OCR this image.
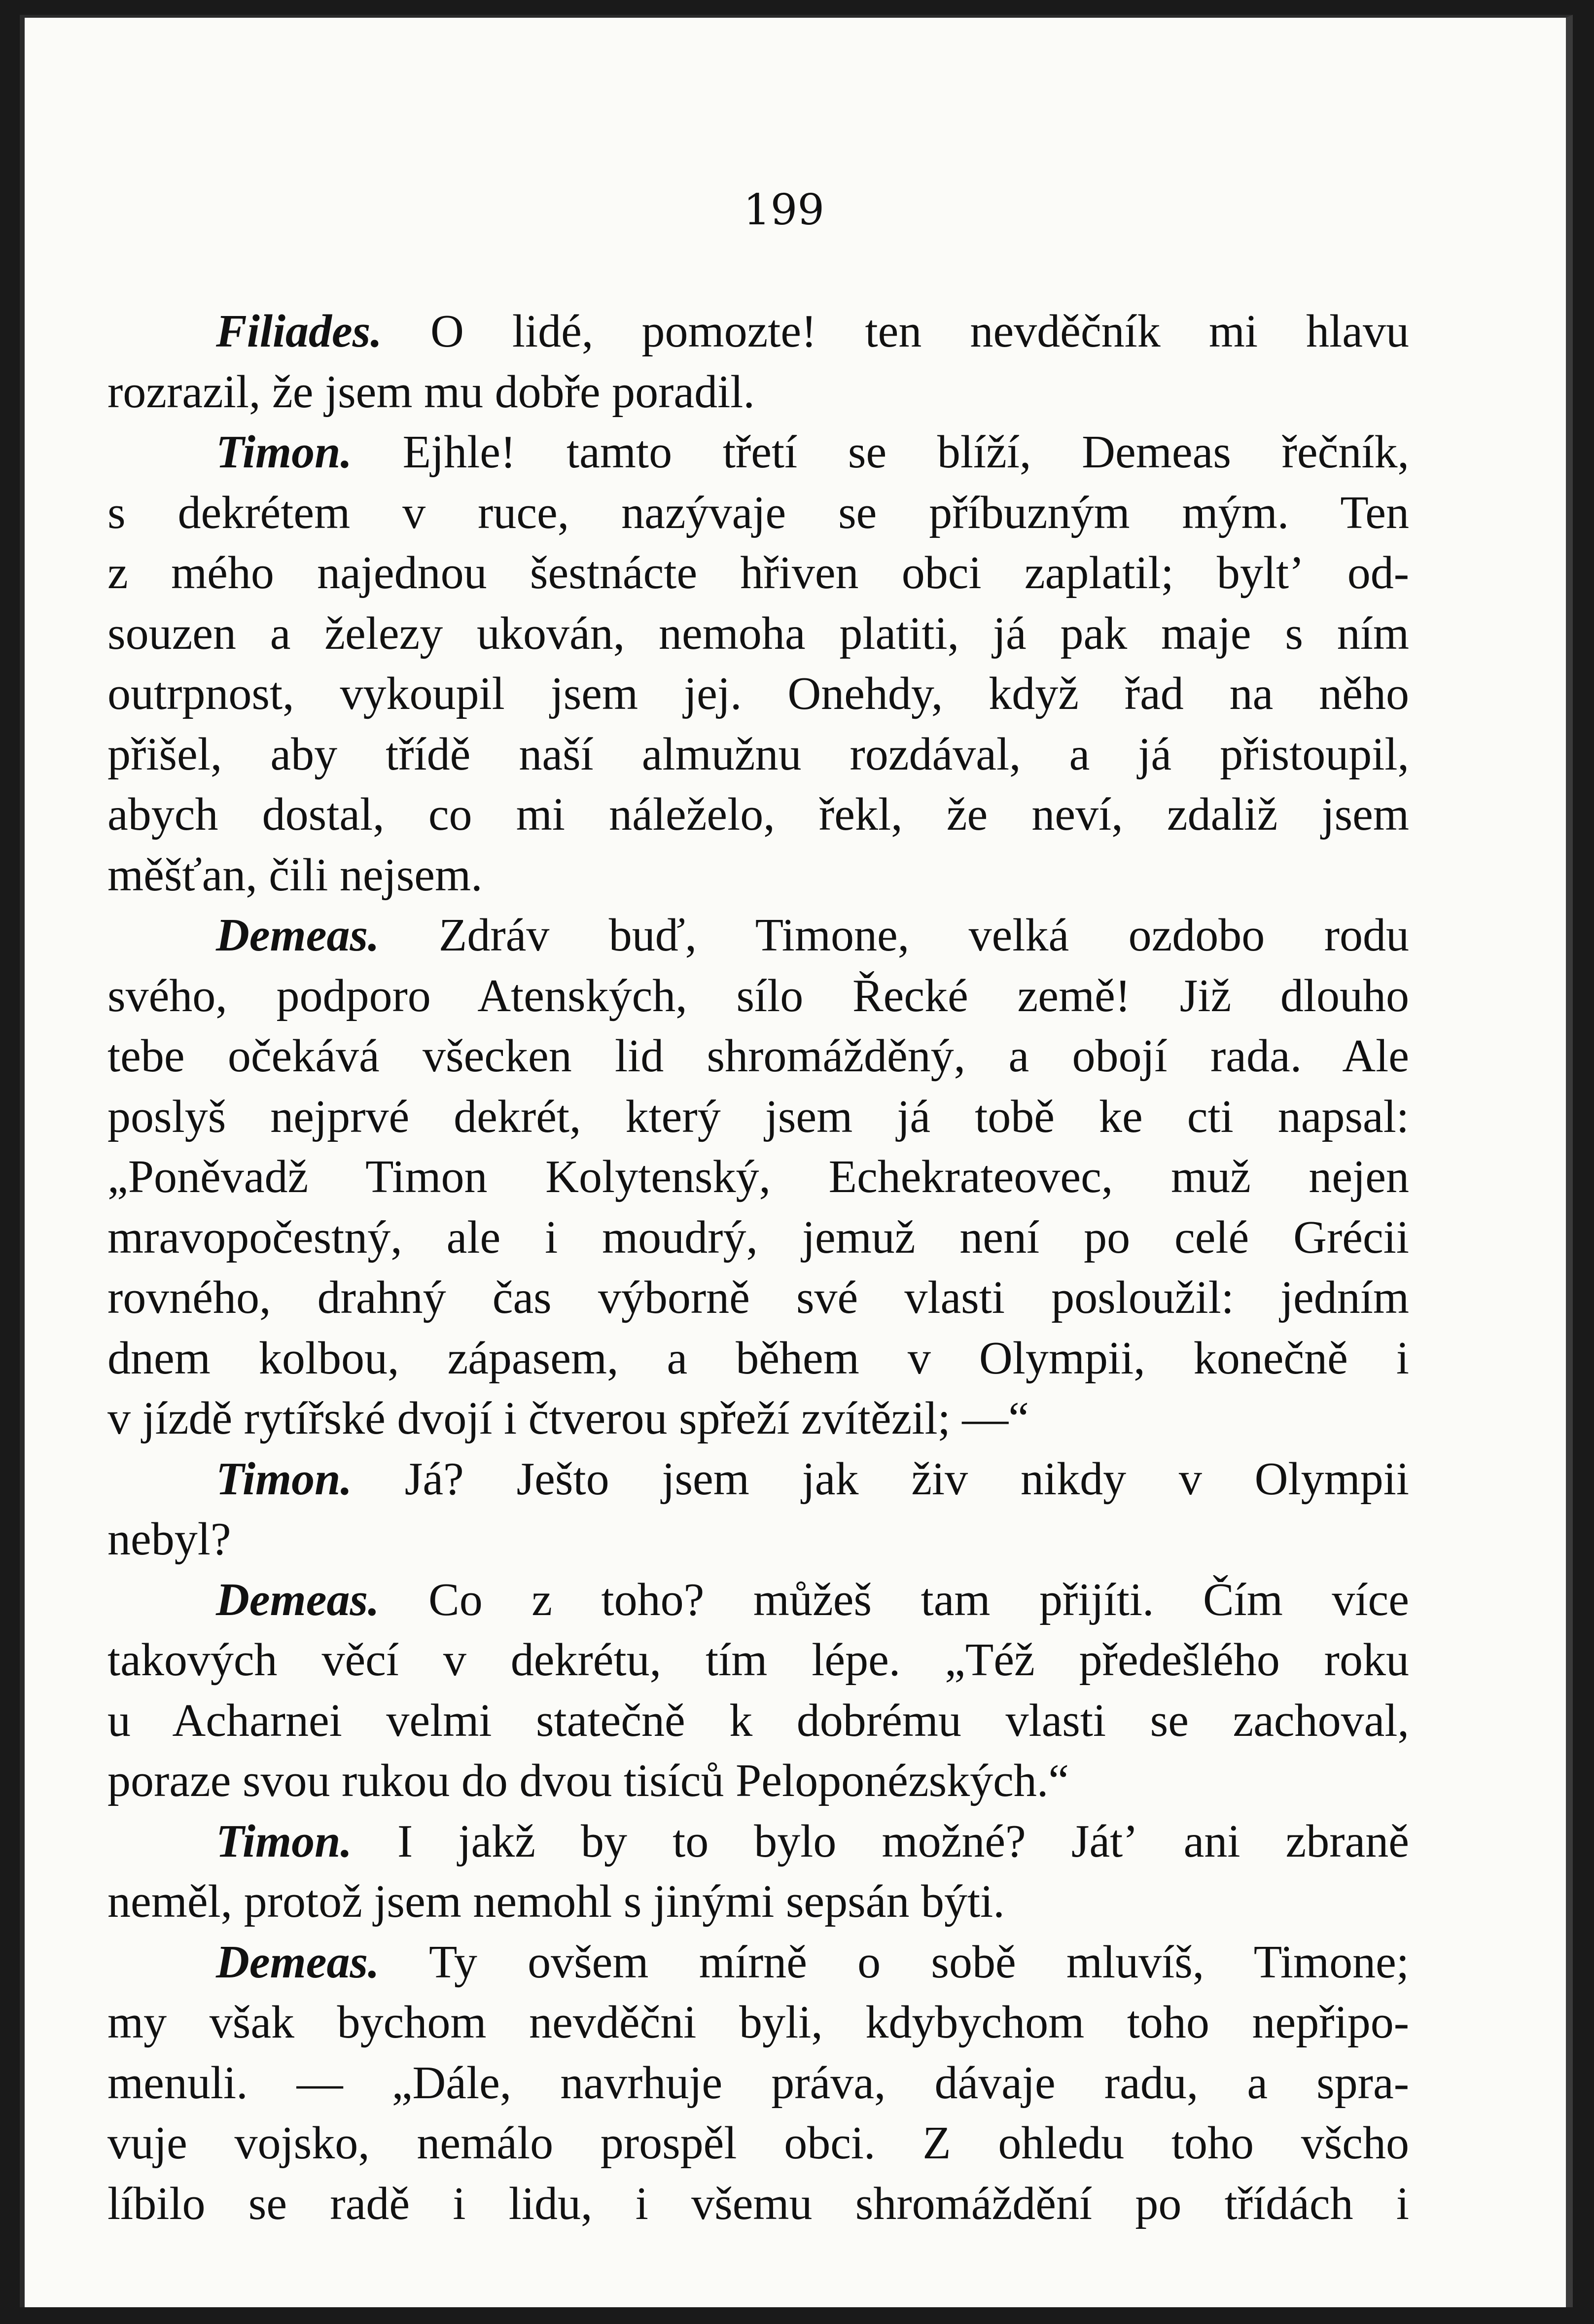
199
Filiades. O lidé, pomozte! ten nevděčník mi hlavu
rozrazil, že jsem mu dobře poradil.
Timon. Ejhle! tamto třetí se blíží, Demeas řečník,
s dekrétem v ruce, nazývaje se příbuzným mým. Ten
z mého najednou šestnácte hřiven obci zaplatil; byltʼ od-
souzen a železy ukován, nemoha platiti, já pak maje s ním
outrpnost, vykoupil jsem jej. Onehdy, když řad na něho
přišel, aby třídě naší almužnu rozdával, a já přistoupil,
abych dostal, co mi náleželo, řekl, že neví, zdaliž jsem
měšťan, čili nejsem.
Demeas. Zdráv buď, Timone, velká ozdobo rodu
svého, podporo Atenských, sílo Řecké země! Již dlouho
tebe očekává všecken lid shromážděný, a obojí rada. Ale
poslyš nejprvé dekrét, který jsem já tobě ke cti napsal:
„Poněvadž Timon Kolytenský, Echekrateovec, muž nejen
mravopočestný, ale i moudrý, jemuž není po celé Grécii
rovného, drahný čas výborně své vlasti posloužil: jedním
dnem kolbou, zápasem, a během v Olympii, konečně i
v jízdě rytířské dvojí i čtverou spřeží zvítězil; —“
Timon. Já? Ješto jsem jak živ nikdy v Olympii
nebyl?
Demeas. Co z toho? můžeš tam přijíti. Čím více
takových věcí v dekrétu, tím lépe. „Též předešlého roku
u Acharnei velmi statečně k dobrému vlasti se zachoval,
poraze svou rukou do dvou tisíců Peloponézských.“
Timon. I jakž by to bylo možné? Játʼ ani zbraně
neměl, protož jsem nemohl s jinými sepsán býti.
Demeas. Ty ovšem mírně o sobě mluvíš, Timone;
my však bychom nevděčni byli, kdybychom toho nepřipo-
menuli. — „Dále, navrhuje práva, dávaje radu, a spra-
vuje vojsko, nemálo prospěl obci. Z ohledu toho všcho
líbilo se radě i lidu, i všemu shromáždění po třídách i
